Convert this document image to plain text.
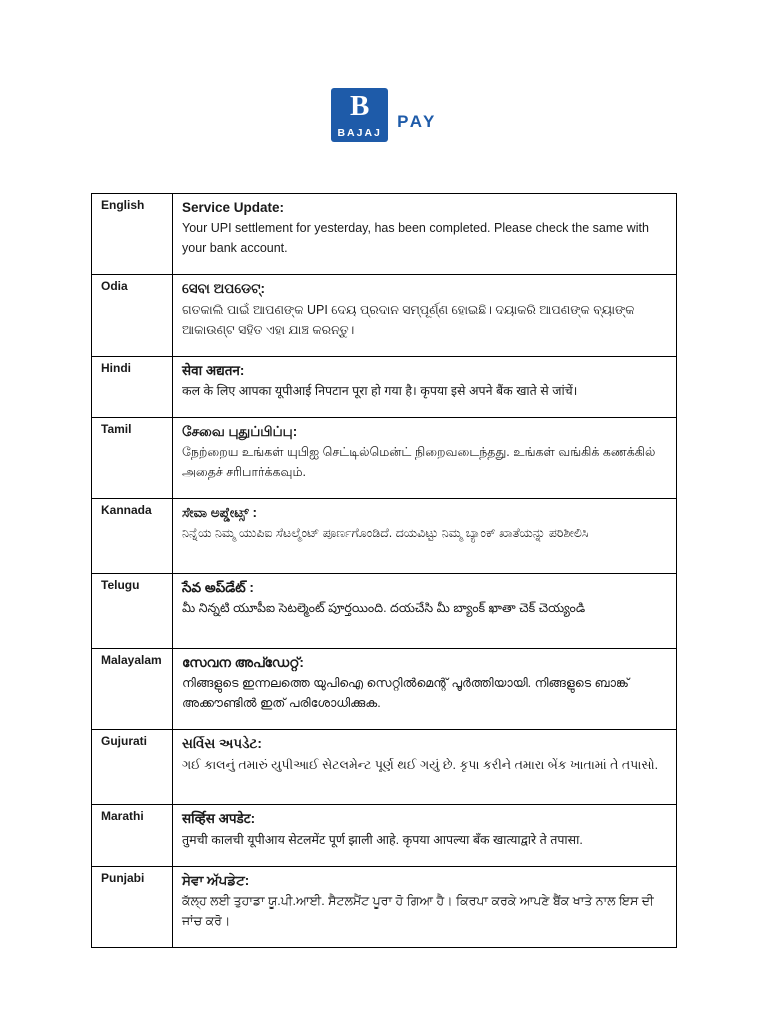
B
BAJAJ
PAY
English	Service Update:
Your UPI settlement for yesterday, has been completed. Please check the same with your bank account.

Odia	ସେବା ଅପଡେଟ୍:
ଗତକାଲି ପାଇଁ ଆପଣଙ୍କ UPI ଦେୟ ପ୍ରଦାନ ସମ୍ପୂର୍ଣ୍ଣ ହୋଇଛି। ଦୟାକରି ଆପଣଙ୍କ ବ୍ୟାଙ୍କ ଆକାଉଣ୍ଟ ସହିତ ଏହା ଯାଞ୍ଚ କରନ୍ତୁ।

Hindi	सेवा अद्यतन:
कल के लिए आपका यूपीआई निपटान पूरा हो गया है। कृपया इसे अपने बैंक खाते से जांचें।

Tamil	சேவை புதுப்பிப்பு:
நேற்றைய உங்கள் யுபிஐ செட்டில்மென்ட் நிறைவடைந்தது. உங்கள் வங்கிக் கணக்கில் அதைச் சரிபார்க்கவும்.

Kannada	ಸೇವಾ ಅಪ್ಡೇಟ್ಸ್ :
ನಿನ್ನೆಯ ನಿಮ್ಮ ಯುಪಿಐ ಸೆಟಲ್ಮೆಂಟ್ ಪೂರ್ಣಗೊಂಡಿದೆ. ದಯವಿಟ್ಟು ನಿಮ್ಮ ಬ್ಯಾಂಕ್ ಖಾತೆಯನ್ನು ಪರಿಶೀಲಿಸಿ

Telugu	సేవ అప్‌డేట్ :
మీ నిన్నటి యూపీఐ సెటల్మెంట్ పూర్తయింది. దయచేసి మీ బ్యాంక్ ఖాతా చెక్ చెయ్యండి

Malayalam	സേവന അപ്ഡേറ്റ്:
നിങ്ങളുടെ ഇന്നലത്തെ യുപിഐ സെറ്റിൽമെന്റ് പൂർത്തിയായി. നിങ്ങളുടെ ബാങ്ക് അക്കൗണ്ടിൽ ഇത് പരിശോധിക്കുക.

Gujurati	સર્વિસ અપડેટ:
ગઈ કાલનું તમારું યુપીઆઈ સેટલમેન્ટ પૂર્ણ થઈ ગયું છે. કૃપા કરીને તમારા બેંક ખાતામાં તે તપાસો.

Marathi	सर्व्हिस अपडेट:
तुमची कालची यूपीआय सेटलमेंट पूर्ण झाली आहे. कृपया आपल्या बँक खात्याद्वारे ते तपासा.

Punjabi	ਸੇਵਾ ਅੱਪਡੇਟ:
ਕੱਲ੍ਹ ਲਈ ਤੁਹਾਡਾ ਯੂ.ਪੀ.ਆਈ. ਸੈਟਲਮੈਂਟ ਪੂਰਾ ਹੋ ਗਿਆ ਹੈ। ਕਿਰਪਾ ਕਰਕੇ ਆਪਣੇ ਬੈਂਕ ਖਾਤੇ ਨਾਲ ਇਸ ਦੀ ਜਾਂਚ ਕਰੋ।
